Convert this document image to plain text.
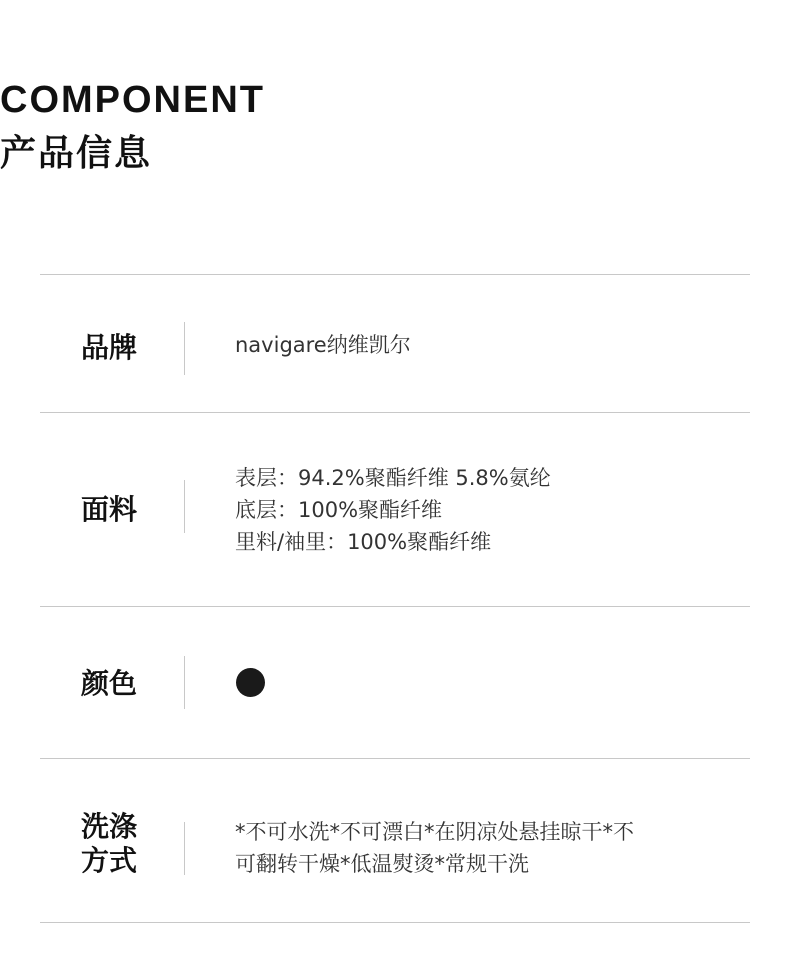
COMPONENT
产品信息
品牌	navigare纳维凯尔
面料
表层：94.2%聚酯纤维 5.8%氨纶
底层：100%聚酯纤维
里料/袖里：100%聚酯纤维
颜色
洗涤
方式
*不可水洗*不可漂白*在阴凉处悬挂晾干*不
可翻转干燥*低温熨烫*常规干洗
